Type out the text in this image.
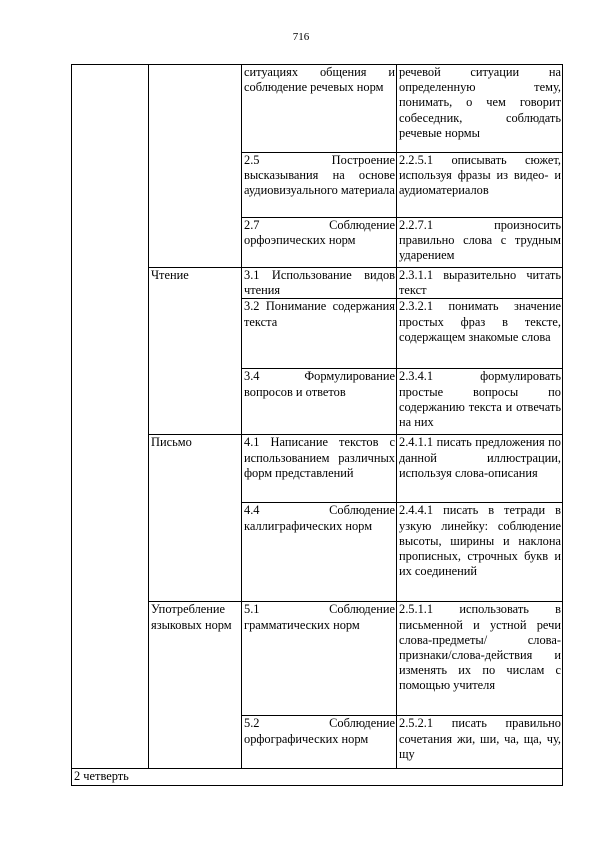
716
		ситуациях общения и соблюдение речевых норм	речевой ситуации на определенную тему, понимать, о чем говорит собеседник, соблюдать речевые нормы
		2.5 Построение высказывания на основе аудиовизуального материала	2.2.5.1 описывать сюжет, используя фразы из видео- и аудиоматериалов
		2.7 Соблюдение орфоэпических норм	2.2.7.1 произносить правильно слова с трудным ударением
	Чтение	3.1 Использование видов чтения	2.3.1.1 выразительно читать текст
		3.2 Понимание содержания текста	2.3.2.1 понимать значение простых фраз в тексте, содержащем знакомые слова
		3.4 Формулирование вопросов и ответов	2.3.4.1 формулировать простые вопросы по содержанию текста и отвечать на них
	Письмо	4.1 Написание текстов с использованием различных форм представлений	2.4.1.1 писать предложения по данной иллюстрации, используя слова-описания
		4.4 Соблюдение каллиграфических норм	2.4.4.1 писать в тетради в узкую линейку: соблюдение высоты, ширины и наклона прописных, строчных букв и их соединений
	Употребление языковых норм	5.1 Соблюдение грамматических норм	2.5.1.1 использовать в письменной и устной речи слова-предметы/ слова-признаки/слова-действия и изменять их по числам с помощью учителя
		5.2 Соблюдение орфографических норм	2.5.2.1 писать правильно сочетания жи, ши, ча, ща, чу, щу
2 четверть			
